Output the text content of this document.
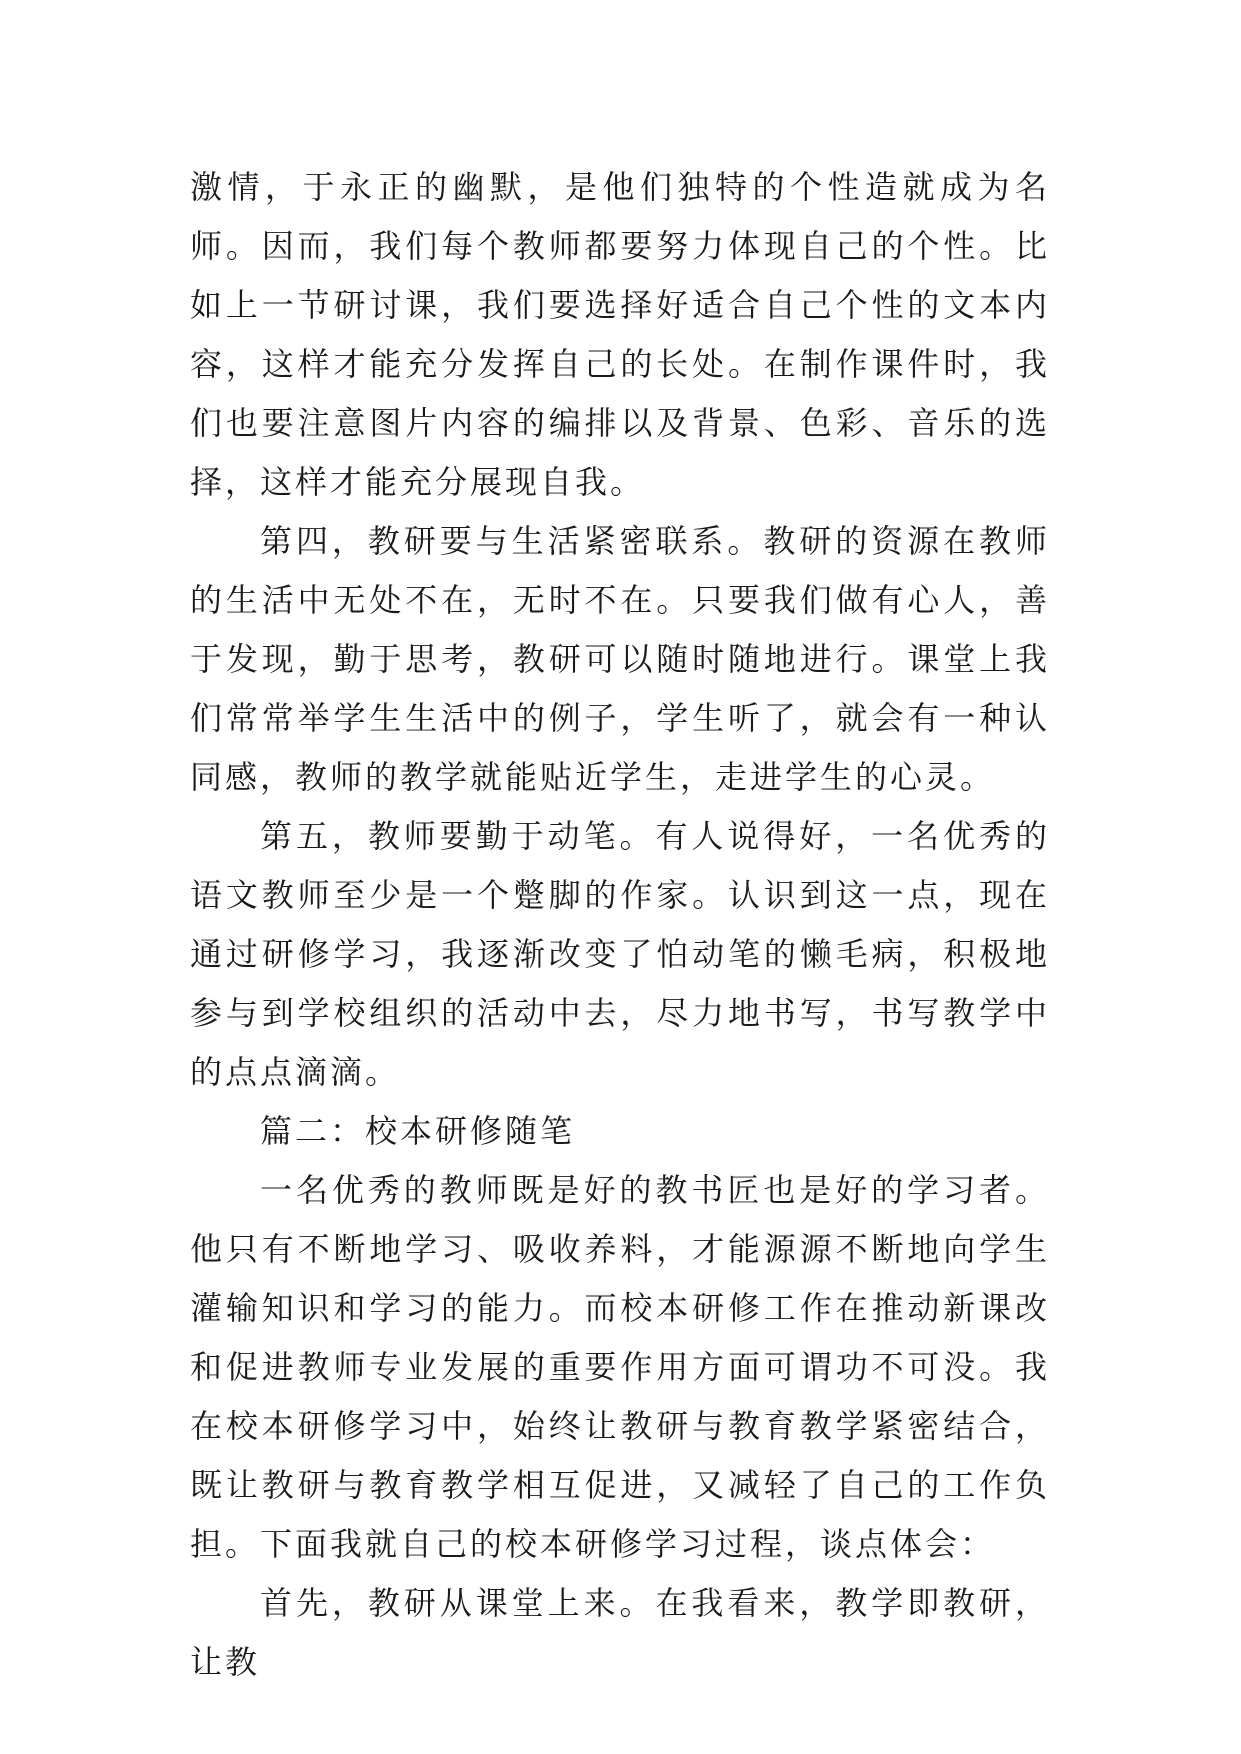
激情，于永正的幽默，是他们独特的个性造就成为名师。因而，我们每个教师都要努力体现自己的个性。比如上一节研讨课，我们要选择好适合自己个性的文本内容，这样才能充分发挥自己的长处。在制作课件时，我们也要注意图片内容的编排以及背景、色彩、音乐的选择，这样才能充分展现自我。

第四，教研要与生活紧密联系。教研的资源在教师的生活中无处不在，无时不在。只要我们做有心人，善于发现，勤于思考，教研可以随时随地进行。课堂上我们常常举学生生活中的例子，学生听了，就会有一种认同感，教师的教学就能贴近学生，走进学生的心灵。

第五，教师要勤于动笔。有人说得好，一名优秀的语文教师至少是一个蹩脚的作家。认识到这一点，现在通过研修学习，我逐渐改变了怕动笔的懒毛病，积极地参与到学校组织的活动中去，尽力地书写，书写教学中的点点滴滴。

篇二：校本研修随笔

一名优秀的教师既是好的教书匠也是好的学习者。他只有不断地学习、吸收养料，才能源源不断地向学生灌输知识和学习的能力。而校本研修工作在推动新课改和促进教师专业发展的重要作用方面可谓功不可没。我在校本研修学习中，始终让教研与教育教学紧密结合，既让教研与教育教学相互促进，又减轻了自己的工作负担。下面我就自己的校本研修学习过程，谈点体会：

首先，教研从课堂上来。在我看来，教学即教研，让教
